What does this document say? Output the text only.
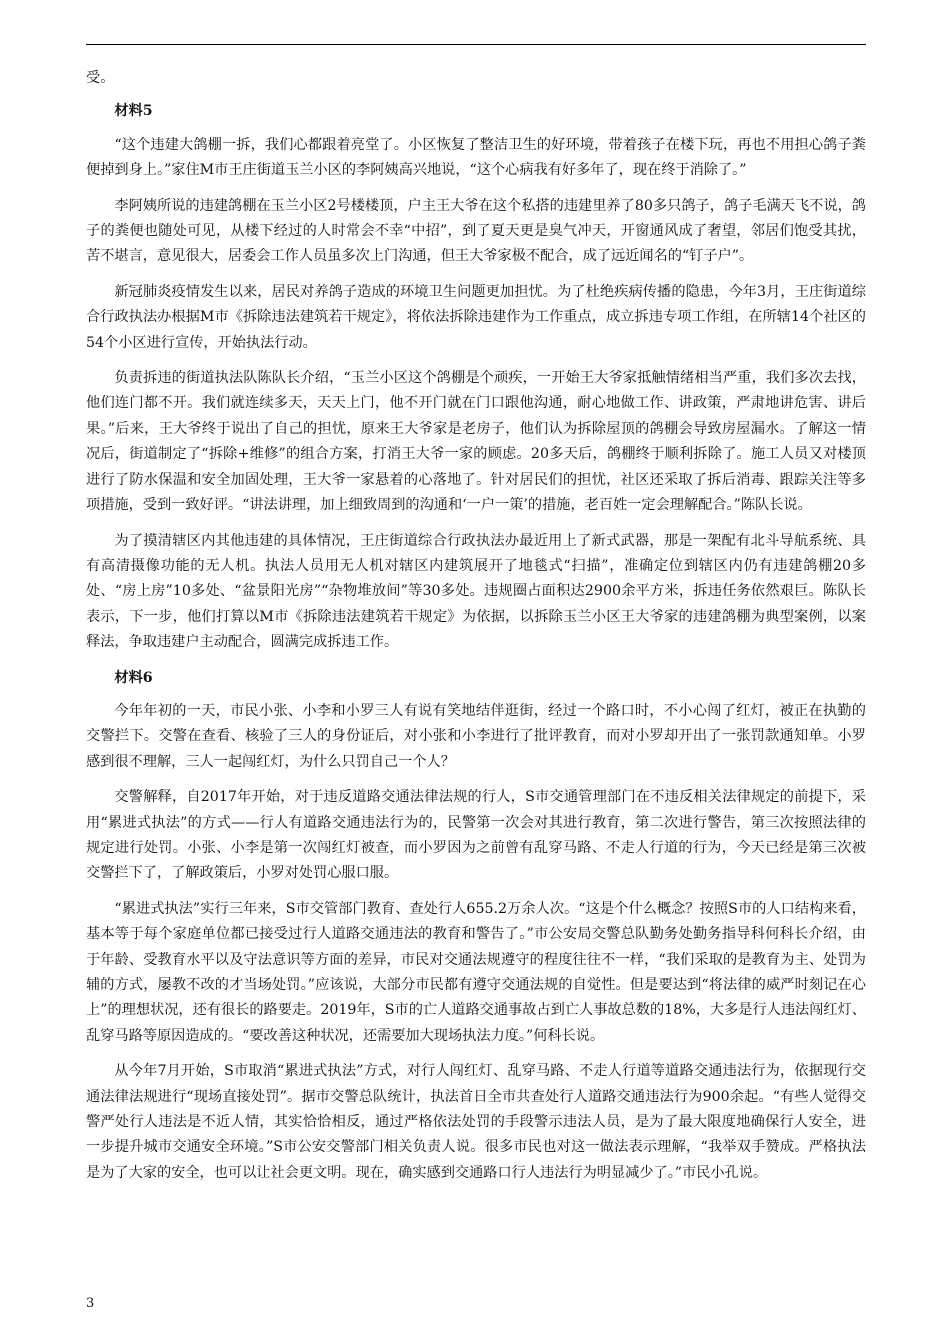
受。

材料5

“这个违建大鸽棚一拆，我们心都跟着亮堂了。小区恢复了整洁卫生的好环境，带着孩子在楼下玩，再也不用担心鸽子粪便掉到身上。”家住M市王庄街道玉兰小区的李阿姨高兴地说，“这个心病我有好多年了，现在终于消除了。”

李阿姨所说的违建鸽棚在玉兰小区2号楼楼顶，户主王大爷在这个私搭的违建里养了80多只鸽子，鸽子毛满天飞不说，鸽子的粪便也随处可见，从楼下经过的人时常会不幸“中招”，到了夏天更是臭气冲天，开窗通风成了奢望，邻居们饱受其扰，苦不堪言，意见很大，居委会工作人员虽多次上门沟通，但王大爷家极不配合，成了远近闻名的“钉子户”。

新冠肺炎疫情发生以来，居民对养鸽子造成的环境卫生问题更加担忧。为了杜绝疾病传播的隐患，今年3月，王庄街道综合行政执法办根据M市《拆除违法建筑若干规定》，将依法拆除违建作为工作重点，成立拆违专项工作组，在所辖14个社区的54个小区进行宣传，开始执法行动。

负责拆违的街道执法队陈队长介绍，“玉兰小区这个鸽棚是个顽疾，一开始王大爷家抵触情绪相当严重，我们多次去找，他们连门都不开。我们就连续多天，天天上门，他不开门就在门口跟他沟通，耐心地做工作、讲政策，严肃地讲危害、讲后果。”后来，王大爷终于说出了自己的担忧，原来王大爷家是老房子，他们认为拆除屋顶的鸽棚会导致房屋漏水。了解这一情况后，街道制定了“拆除+维修”的组合方案，打消王大爷一家的顾虑。20多天后，鸽棚终于顺利拆除了。施工人员又对楼顶进行了防水保温和安全加固处理，王大爷一家悬着的心落地了。针对居民们的担忧，社区还采取了拆后消毒、跟踪关注等多项措施，受到一致好评。“讲法讲理，加上细致周到的沟通和‘一户一策’的措施，老百姓一定会理解配合。”陈队长说。

为了摸清辖区内其他违建的具体情况，王庄街道综合行政执法办最近用上了新式武器，那是一架配有北斗导航系统、具有高清摄像功能的无人机。执法人员用无人机对辖区内建筑展开了地毯式“扫描”，准确定位到辖区内仍有违建鸽棚20多处、“房上房”10多处、“盆景阳光房”“杂物堆放间”等30多处。违规圈占面积达2900余平方米，拆违任务依然艰巨。陈队长表示，下一步，他们打算以M市《拆除违法建筑若干规定》为依据，以拆除玉兰小区王大爷家的违建鸽棚为典型案例，以案释法，争取违建户主动配合，圆满完成拆违工作。

材料6

今年年初的一天，市民小张、小李和小罗三人有说有笑地结伴逛街，经过一个路口时，不小心闯了红灯，被正在执勤的交警拦下。交警在查看、核验了三人的身份证后，对小张和小李进行了批评教育，而对小罗却开出了一张罚款通知单。小罗感到很不理解，三人一起闯红灯，为什么只罚自己一个人？

交警解释，自2017年开始，对于违反道路交通法律法规的行人，S市交通管理部门在不违反相关法律规定的前提下，采用“累进式执法”的方式——行人有道路交通违法行为的，民警第一次会对其进行教育，第二次进行警告，第三次按照法律的规定进行处罚。小张、小李是第一次闯红灯被查，而小罗因为之前曾有乱穿马路、不走人行道的行为，今天已经是第三次被交警拦下了，了解政策后，小罗对处罚心服口服。

“累进式执法”实行三年来，S市交管部门教育、查处行人655.2万余人次。“这是个什么概念？按照S市的人口结构来看，基本等于每个家庭单位都已接受过行人道路交通违法的教育和警告了。”市公安局交警总队勤务处勤务指导科何科长介绍，由于年龄、受教育水平以及守法意识等方面的差异，市民对交通法规遵守的程度往往不一样，“我们采取的是教育为主、处罚为辅的方式，屡教不改的才当场处罚。”应该说，大部分市民都有遵守交通法规的自觉性。但是要达到“将法律的威严时刻记在心上”的理想状况，还有很长的路要走。2019年，S市的亡人道路交通事故占到亡人事故总数的18%，大多是行人违法闯红灯、乱穿马路等原因造成的。“要改善这种状况，还需要加大现场执法力度。”何科长说。

从今年7月开始，S市取消“累进式执法”方式，对行人闯红灯、乱穿马路、不走人行道等道路交通违法行为，依据现行交通法律法规进行“现场直接处罚”。据市交警总队统计，执法首日全市共查处行人道路交通违法行为900余起。“有些人觉得交警严处行人违法是不近人情，其实恰恰相反，通过严格依法处罚的手段警示违法人员，是为了最大限度地确保行人安全，进一步提升城市交通安全环境。”S市公安交警部门相关负责人说。很多市民也对这一做法表示理解，“我举双手赞成。严格执法是为了大家的安全，也可以让社会更文明。现在，确实感到交通路口行人违法行为明显减少了。”市民小孔说。

3
